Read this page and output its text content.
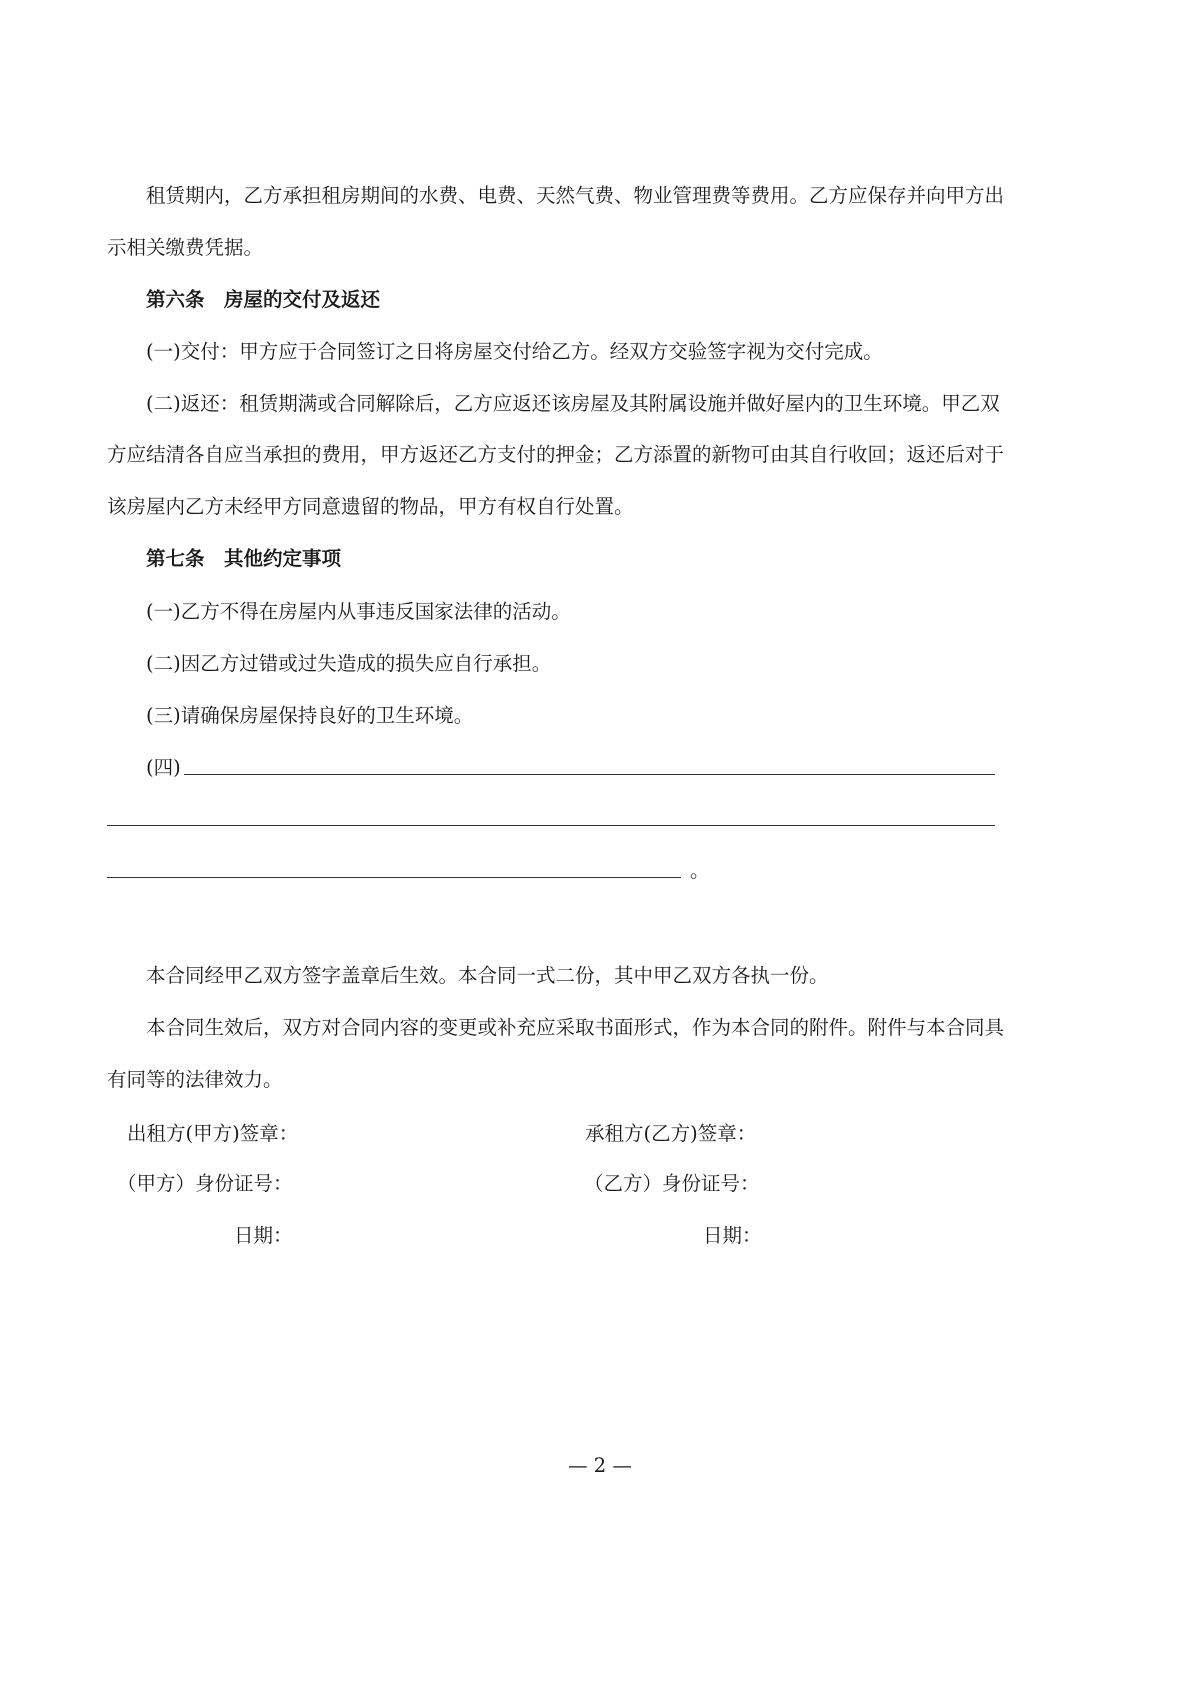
租赁期内，乙方承担租房期间的水费、电费、天然气费、物业管理费等费用。乙方应保存并向甲方出

示相关缴费凭据。

第六条　房屋的交付及返还

(一)交付：甲方应于合同签订之日将房屋交付给乙方。经双方交验签字视为交付完成。

(二)返还：租赁期满或合同解除后，乙方应返还该房屋及其附属设施并做好屋内的卫生环境。甲乙双

方应结清各自应当承担的费用，甲方返还乙方支付的押金；乙方添置的新物可由其自行收回；返还后对于

该房屋内乙方未经甲方同意遗留的物品，甲方有权自行处置。

第七条　其他约定事项

(一)乙方不得在房屋内从事违反国家法律的活动。

(二)因乙方过错或过失造成的损失应自行承担。

(三)请确保房屋保持良好的卫生环境。

(四)

。

本合同经甲乙双方签字盖章后生效。本合同一式二份，其中甲乙双方各执一份。

本合同生效后，双方对合同内容的变更或补充应采取书面形式，作为本合同的附件。附件与本合同具

有同等的法律效力。

出租方(甲方)签章：	承租方(乙方)签章：

（甲方）身份证号：	（乙方）身份证号：

日期：	日期：

— 2 —
